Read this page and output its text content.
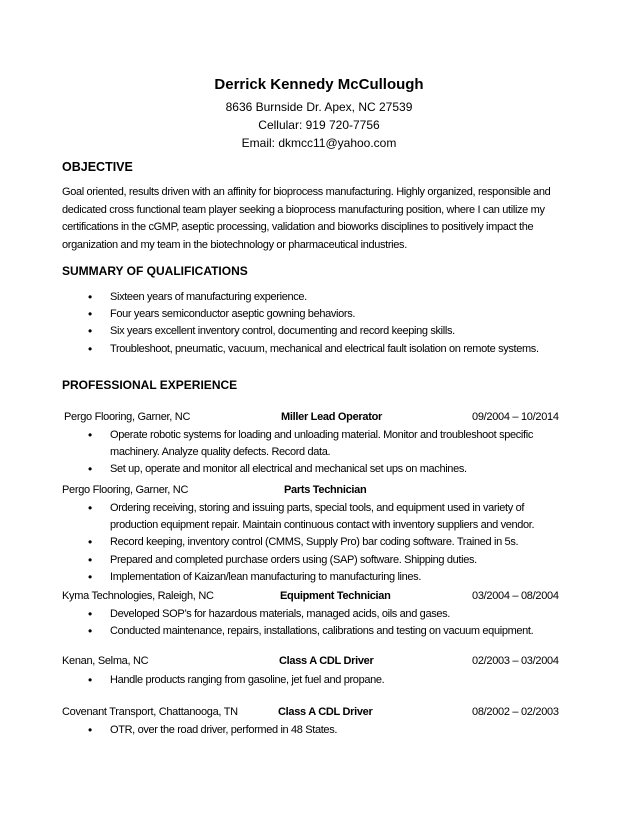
Derrick Kennedy McCullough
8636 Burnside Dr. Apex, NC 27539
Cellular: 919 720-7756
Email: dkmcc11@yahoo.com
OBJECTIVE
Goal oriented, results driven with an affinity for bioprocess manufacturing. Highly organized, responsible and dedicated cross functional team player seeking a bioprocess manufacturing position, where I can utilize my certifications in the cGMP, aseptic processing, validation and bioworks disciplines to positively impact the organization and my team in the biotechnology or pharmaceutical industries.
SUMMARY OF QUALIFICATIONS
• Sixteen years of manufacturing experience.
• Four years semiconductor aseptic gowning behaviors.
• Six years excellent inventory control, documenting and record keeping skills.
• Troubleshoot, pneumatic, vacuum, mechanical and electrical fault isolation on remote systems.
PROFESSIONAL EXPERIENCE
Pergo Flooring, Garner, NC	Miller Lead Operator	09/2004 – 10/2014
• Operate robotic systems for loading and unloading material. Monitor and troubleshoot specific machinery. Analyze quality defects. Record data.
• Set up, operate and monitor all electrical and mechanical set ups on machines.
Pergo Flooring, Garner, NC	Parts Technician
• Ordering receiving, storing and issuing parts, special tools, and equipment used in variety of production equipment repair. Maintain continuous contact with inventory suppliers and vendor.
• Record keeping, inventory control (CMMS, Supply Pro) bar coding software. Trained in 5s.
• Prepared and completed purchase orders using (SAP) software. Shipping duties.
• Implementation of Kaizan/lean manufacturing to manufacturing lines.
Kyma Technologies, Raleigh, NC	Equipment Technician	03/2004 – 08/2004
• Developed SOP’s for hazardous materials, managed acids, oils and gases.
• Conducted maintenance, repairs, installations, calibrations and testing on vacuum equipment.
Kenan, Selma, NC	Class A CDL Driver	02/2003 – 03/2004
• Handle products ranging from gasoline, jet fuel and propane.
Covenant Transport, Chattanooga, TN	Class A CDL Driver	08/2002 – 02/2003
• OTR, over the road driver, performed in 48 States.
